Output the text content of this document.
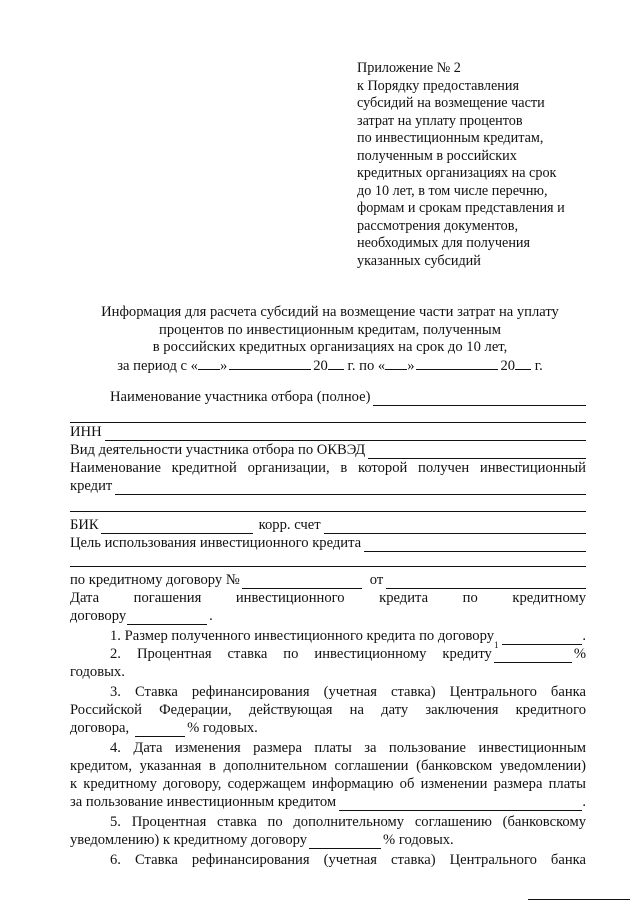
Приложение № 2
к Порядку предоставления
субсидий на возмещение части
затрат на уплату процентов
по инвестиционным кредитам,
полученным в российских
кредитных организациях на срок
до 10 лет, в том числе перечню,
формам и срокам представления и
рассмотрения документов,
необходимых для получения
указанных субсидий
Информация для расчета субсидий на возмещение части затрат на уплату
процентов по инвестиционным кредитам, полученным
в российских кредитных организациях на срок до 10 лет,
за период с « »	20 г. по « »	20 г.
Наименование участника отбора (полное)
ИНН
Вид деятельности участника отбора по ОКВЭД
Наименование кредитной организации, в которой получен инвестиционный
кредит
БИК	корр. счет
Цель использования инвестиционного кредита
по кредитному договору №	от
Дата погашения инвестиционного кредита по кредитному
договору	.
1. Размер полученного инвестиционного кредита по договору
1
.
2. Процентная ставка по инвестиционному кредиту	%
годовых.
3. Ставка рефинансирования (учетная ставка) Центрального банка
Российской Федерации, действующая на дату заключения кредитного
договора,	% годовых.
4. Дата изменения размера платы за пользование инвестиционным
кредитом, указанная в дополнительном соглашении (банковском уведомлении)
к кредитному договору, содержащем информацию об изменении размера платы
за пользование инвестиционным кредитом	.
5. Процентная ставка по дополнительному соглашению (банковскому
уведомлению) к кредитному договору	% годовых.
6. Ставка рефинансирования (учетная ставка) Центрального банка
